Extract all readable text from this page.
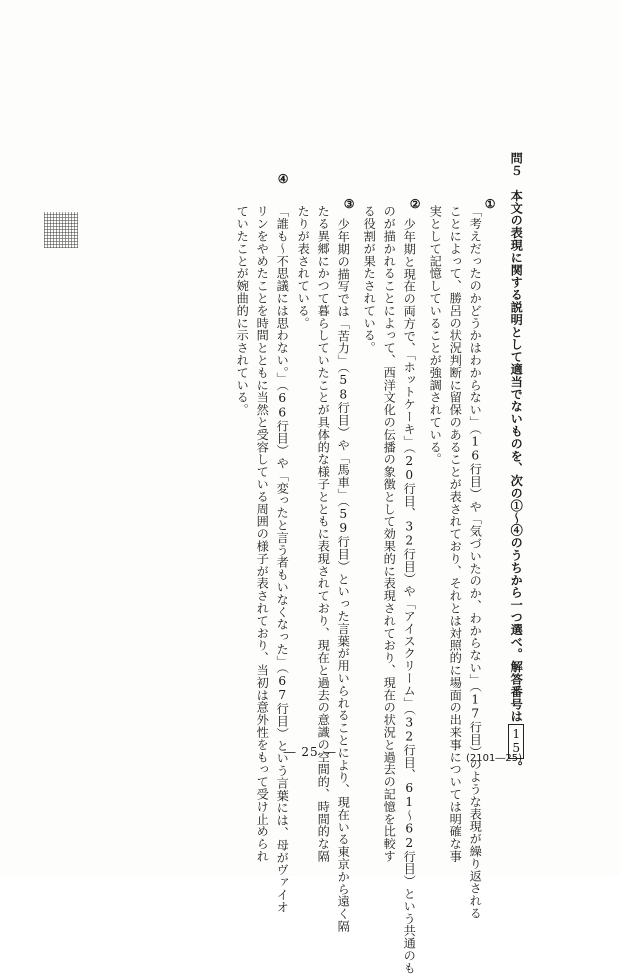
問５　本文の表現に関する説明として適当でないものを、次の①～④のうちから一つ選べ。解答番号は15。
①
「考えだったのかどうかはわからない」（16行目）や「気づいたのか、わからない」（17行目）のような表現が繰り返される
ことによって、勝呂の状況判断に留保のあることが表されており、それとは対照的に場面の出来事については明確な事
実として記憶していることが強調されている。
②
少年期と現在の両方で、「ホットケーキ」（20行目、32行目）や「アイスクリーム」（32行目、61～62行目）という共通のも
のが描かれることによって、西洋文化の伝播の象徴として効果的に表現されており、現在の状況と過去の記憶を比較す
る役割が果たされている。
③
少年期の描写では「苦力」（58行目）や「馬車」（59行目）といった言葉が用いられることにより、現在いる東京から遠く隔
たる異郷にかつて暮らしていたことが具体的な様子とともに表現されており、現在と過去の意識の空間的、時間的な隔
たりが表されている。
④
「誰も～不思議には思わない。」（66行目）や「変ったと言う者もいなくなった」（67行目）という言葉には、母がヴァイオ
リンをやめたことを時間とともに当然と受容している周囲の様子が表されており、当初は意外性をもって受け止められ
ていたことが婉曲的に示されている。
― 25 ―	(2101―25)
